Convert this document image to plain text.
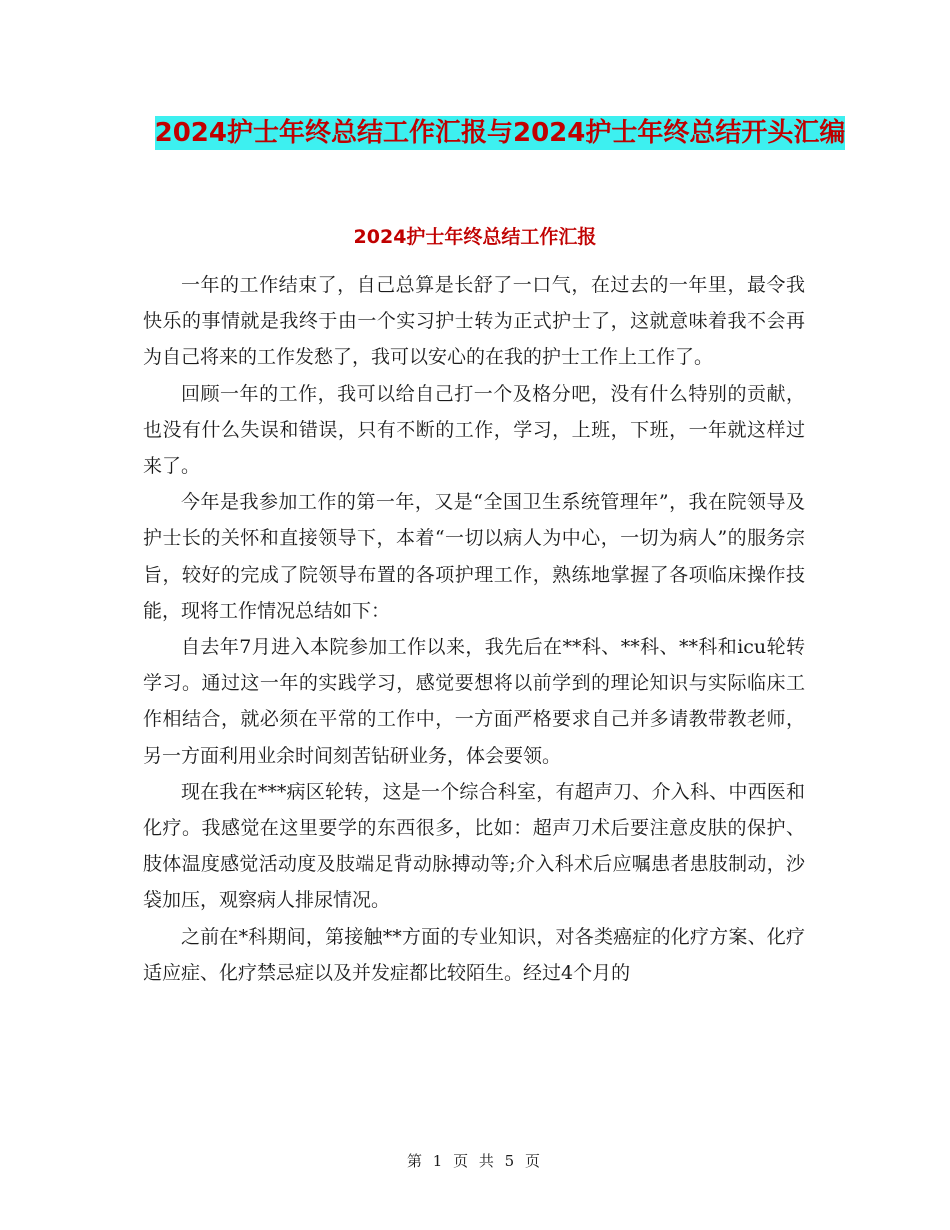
2024护士年终总结工作汇报与2024护士年终总结开头汇编
2024护士年终总结工作汇报

一年的工作结束了，自己总算是长舒了一口气，在过去的一年里，最令我快乐的事情就是我终于由一个实习护士转为正式护士了，这就意味着我不会再为自己将来的工作发愁了，我可以安心的在我的护士工作上工作了。

回顾一年的工作，我可以给自己打一个及格分吧，没有什么特别的贡献，也没有什么失误和错误，只有不断的工作，学习，上班，下班，一年就这样过来了。

今年是我参加工作的第一年，又是“全国卫生系统管理年”，我在院领导及护士长的关怀和直接领导下，本着“一切以病人为中心，一切为病人”的服务宗旨，较好的完成了院领导布置的各项护理工作，熟练地掌握了各项临床操作技能，现将工作情况总结如下：

自去年7月进入本院参加工作以来，我先后在**科、**科、**科和icu轮转学习。通过这一年的实践学习，感觉要想将以前学到的理论知识与实际临床工作相结合，就必须在平常的工作中，一方面严格要求自己并多请教带教老师，另一方面利用业余时间刻苦钻研业务，体会要领。

现在我在***病区轮转，这是一个综合科室，有超声刀、介入科、中西医和化疗。我感觉在这里要学的东西很多，比如：超声刀术后要注意皮肤的保护、肢体温度感觉活动度及肢端足背动脉搏动等;介入科术后应嘱患者患肢制动，沙袋加压，观察病人排尿情况。

之前在*科期间，第接触**方面的专业知识，对各类癌症的化疗方案、化疗适应症、化疗禁忌症以及并发症都比较陌生。经过4个月的

第 1 页 共 5 页
